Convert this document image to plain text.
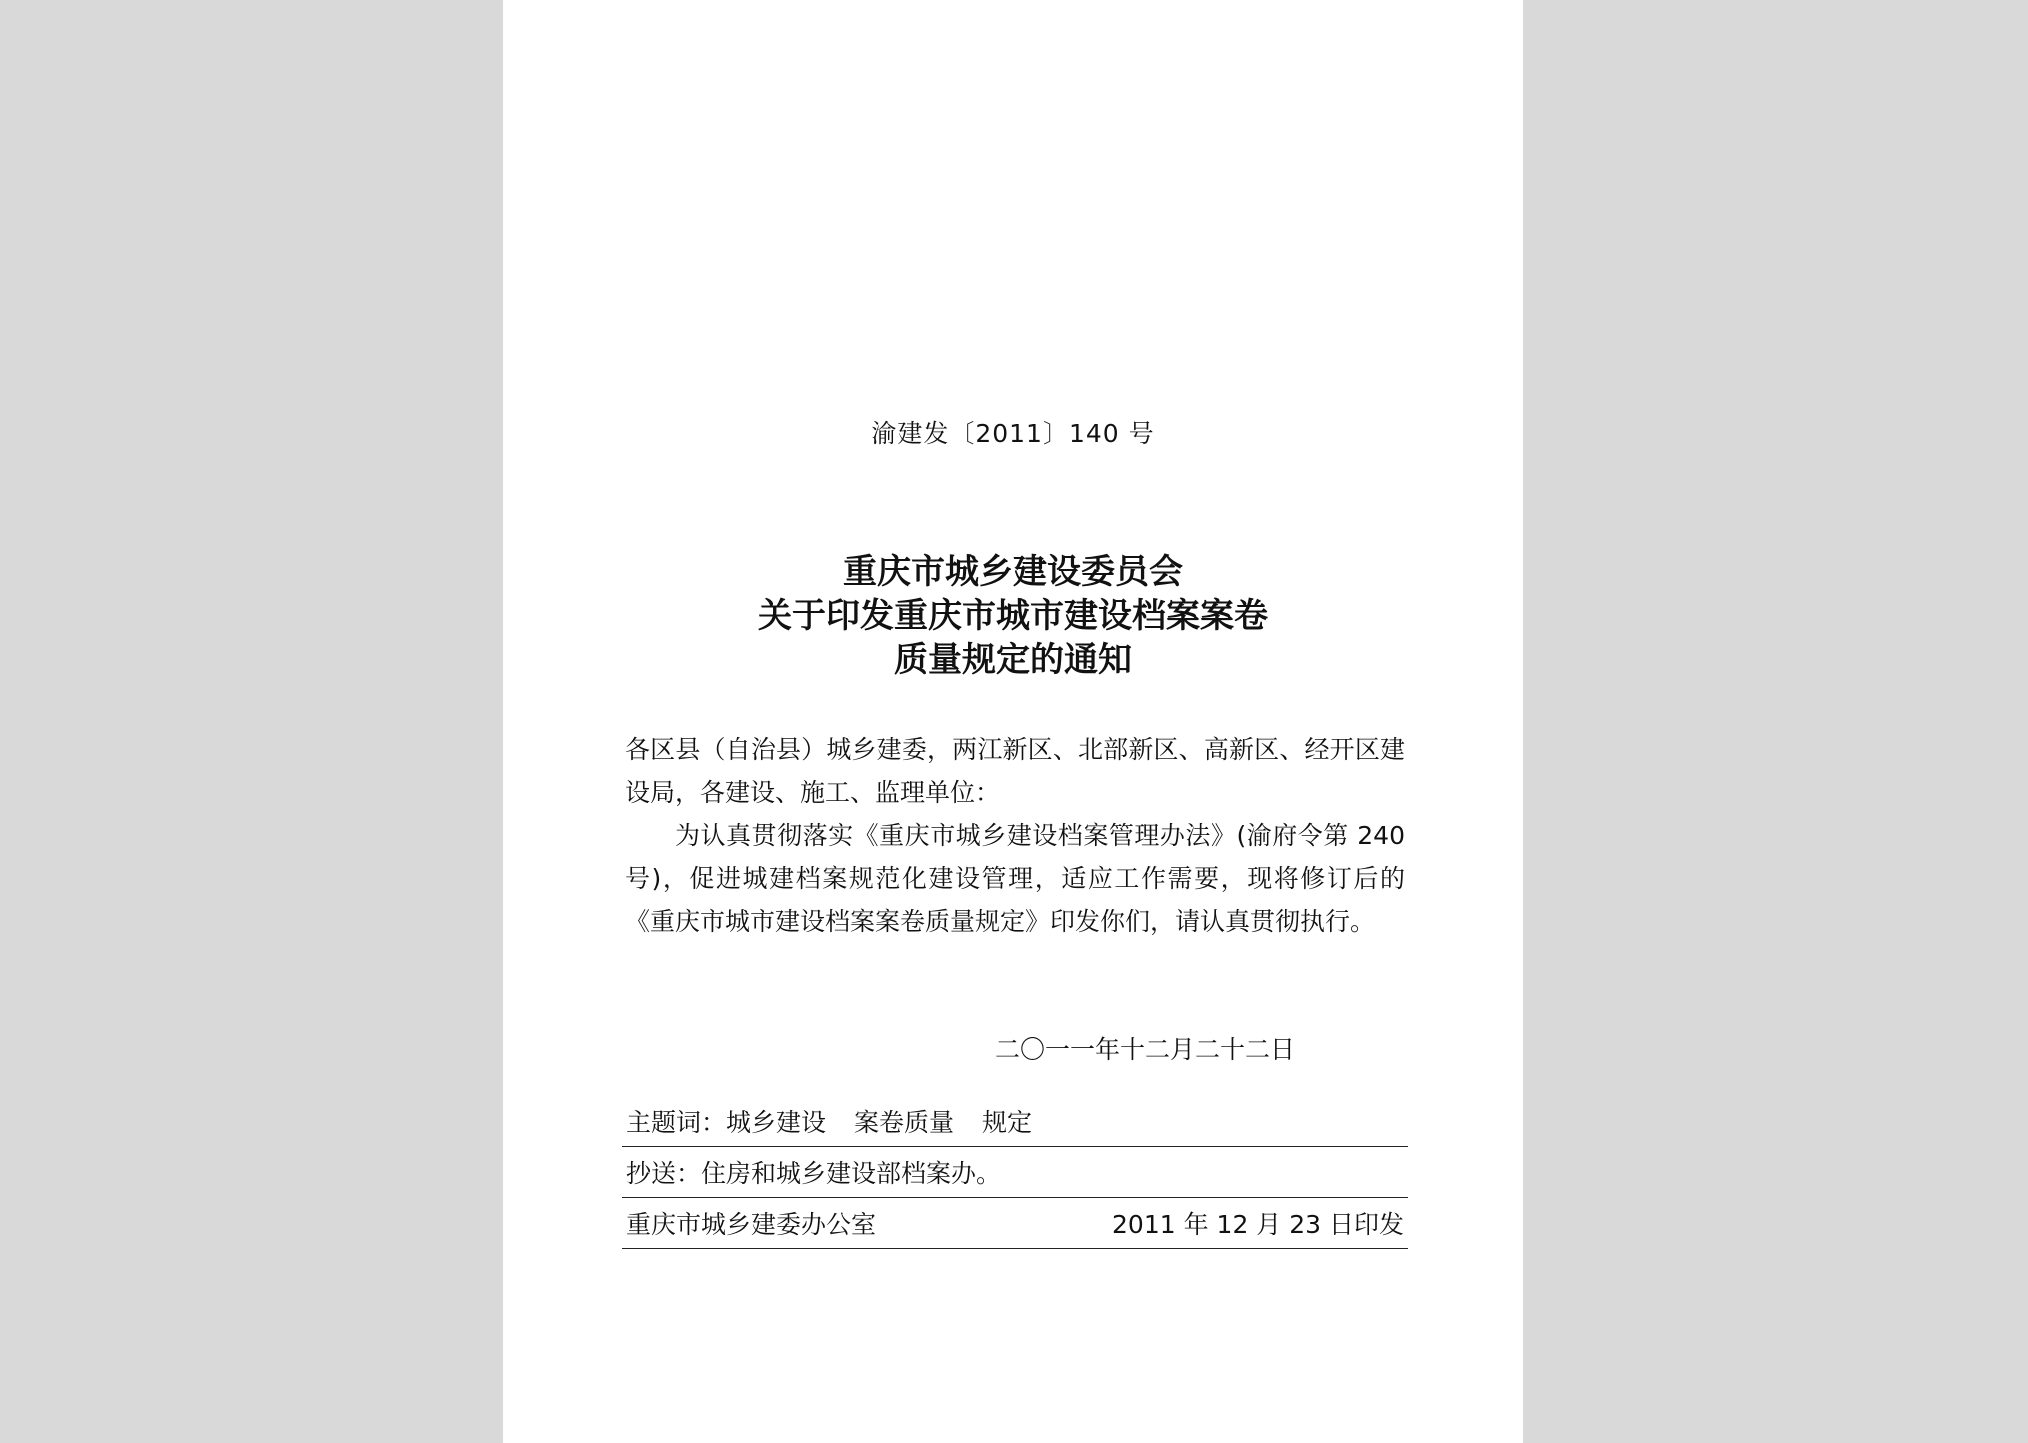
渝建发〔2011〕140 号
重庆市城乡建设委员会
关于印发重庆市城市建设档案案卷
质量规定的通知

各区县（自治县）城乡建委，两江新区、北部新区、高新区、经开区建设局，各建设、施工、监理单位：

为认真贯彻落实《重庆市城乡建设档案管理办法》(渝府令第 240 号)，促进城建档案规范化建设管理，适应工作需要，现将修订后的《重庆市城市建设档案案卷质量规定》印发你们，请认真贯彻执行。

二〇一一年十二月二十二日
主题词：城乡建设 案卷质量 规定
抄送：住房和城乡建设部档案办。
重庆市城乡建委办公室	2011 年 12 月 23 日印发
